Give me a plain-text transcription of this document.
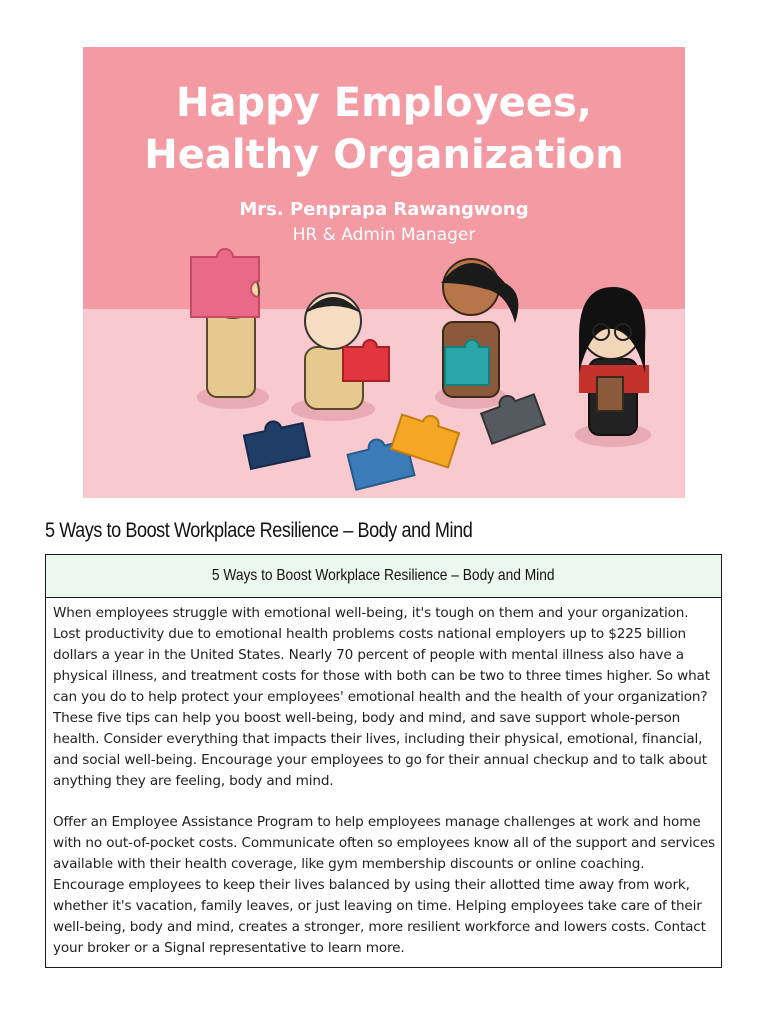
Happy Employees,
Healthy Organization
Mrs. Penprapa Rawangwong
HR & Admin Manager
5 Ways to Boost Workplace Resilience – Body and Mind
5 Ways to Boost Workplace Resilience – Body and Mind

When employees struggle with emotional well-being, it's tough on them and your organization. Lost productivity due to emotional health problems costs national employers up to $225 billion dollars a year in the United States. Nearly 70 percent of people with mental illness also have a physical illness, and treatment costs for those with both can be two to three times higher. So what can you do to help protect your employees' emotional health and the health of your organization? These five tips can help you boost well-being, body and mind, and save support whole-person health. Consider everything that impacts their lives, including their physical, emotional, financial, and social well-being. Encourage your employees to go for their annual checkup and to talk about anything they are feeling, body and mind.

Offer an Employee Assistance Program to help employees manage challenges at work and home with no out-of-pocket costs. Communicate often so employees know all of the support and services available with their health coverage, like gym membership discounts or online coaching. Encourage employees to keep their lives balanced by using their allotted time away from work, whether it's vacation, family leaves, or just leaving on time. Helping employees take care of their well-being, body and mind, creates a stronger, more resilient workforce and lowers costs. Contact your broker or a Signal representative to learn more.
